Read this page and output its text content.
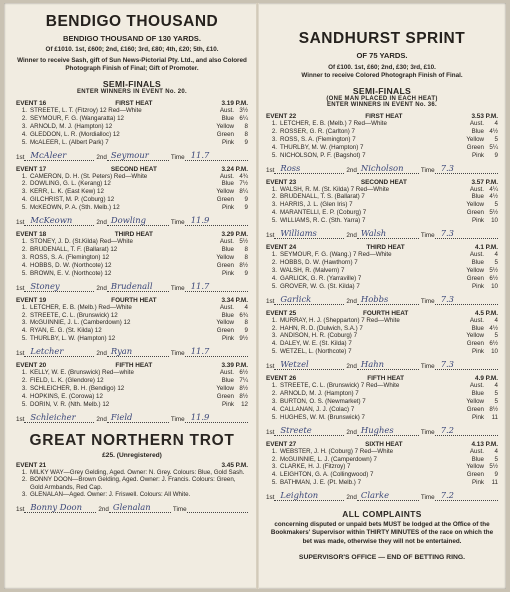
BENDIGO THOUSAND
BENDIGO THOUSAND OF 130 YARDS.
Of £1010. 1st, £600; 2nd, £160; 3rd, £80; 4th, £20; 5th, £10.
Winner to receive Sash, gift of Sun News-Pictorial Pty. Ltd., and also Colored Photograph Finish of Final; Gift of Promoter.
SEMI-FINALS
ENTER WINNERS IN EVENT No. 20.
EVENT 16	FIRST HEAT	3.19 P.M.
1. STREETE, L. T. (Fitzroy) 12 Red—White	Aust. 3½
2. SEYMOUR, F. G. (Wangaratta) 12	Blue 6¼
3. ARNOLD, M. J. (Hampton) 12	Yellow	8
4. GLEDDON, L. R. (Mordialloc) 12	Green	8
5. McALEER, L. (Albert Park) 7	Pink	9
1st McAleer	2nd Seymour	Time 11.7
EVENT 17	SECOND HEAT	3.24 P.M.
1. CAMERON, D. H. (St. Peters) Red—White	Aust. 4¾
2. DOWLING, G. L. (Kerang) 12	Blue 7½
3. KERR, L. K. (East Kew) 12	Yellow 8¼
4. GILCHRIST, M. P. (Coburg) 12	Green	9
5. McKEOWN, P. A. (Sth. Melb.) 12	Pink	9
1st McKeown	2nd Dowling	Time 11.9
EVENT 18	THIRD HEAT	3.29 P.M.
1. STONEY, J. D. (St.Kilda) Red—White	Aust. 5½
2. BRUDENALL, T. F. (Ballarat) 12	Blue	8
3. ROSS, S. A. (Flemington) 12	Yellow	8
4. HOBBS, D. W. (Northcote) 12	Green 8½
5. BROWN, E. V. (Northcote) 12	Pink	9
1st Stoney	2nd Brudenall	Time 11.7
EVENT 19	FOURTH HEAT	3.34 P.M.
1. LETCHER, E. B. (Melb.) Red—White	Aust.	4
2. STREETE, C. L. (Brunswick) 12	Blue 6¾
3. McGUINNIE, J. L. (Camberdown) 12	Yellow	8
4. RYAN, E. G. (St. Kilda) 12	Green	9
5. THURLBY, L. W. (Hampton) 12	Pink 9½
1st Letcher	2nd Ryan	Time 11.7
EVENT 20	FIFTH HEAT	3.39 P.M.
1. KELLY, W. E. (Brunswick) Red—white	Aust. 6½
2. FIELD, L. K. (Glendore) 12	Blue 7¼
3. SCHLEICHER, B. H. (Bendigo) 12	Yellow 8½
4. HOPKINS, E. (Corowa) 12	Green 8½
5. DORIN, V. R. (Nth. Melb.) 12	Pink	12
1st Schleicher	2nd Field	Time 11.9
GREAT NORTHERN TROT
£25. (Unregistered)
EVENT 21	3.45 P.M.
1. MILKY WAY—Grey Gelding, Aged. Owner: N. Grey. Colours: Blue, Gold Sash.
2. BONNY DOON—Brown Gelding, Aged. Owner: J. Francis. Colours: Green, Gold Armbands, Red Cap.
3. GLENALAN—Aged. Owner: J. Friswell. Colours: All White.
1st Bonny Doon	2nd Glenalan	Time
SANDHURST SPRINT
OF 75 YARDS.
Of £100. 1st, £60; 2nd, £30; 3rd, £10.
Winner to receive Colored Photograph Finish of Final.
SEMI-FINALS
(ONE MAN PLACED IN EACH HEAT)
ENTER WINNERS IN EVENT No. 36.
EVENT 22	FIRST HEAT	3.53 P.M.
1. LETCHER, E. B. (Melb.) 7 Red—White	Aust.	4
2. ROSSER, G. R. (Carlton) 7	Blue 4½
3. ROSS, S. A. (Flemington) 7	Yellow	5
4. THURLBY, M. W. (Hampton) 7	Green 5¼
5. NICHOLSON, P. F. (Bagshot) 7	Pink	9
1st Ross	2nd Nicholson	Time 7.3
EVENT 23	SECOND HEAT	3.57 P.M.
1. WALSH, R. M. (St. Kilda) 7 Red—White	Aust. 4¼
2. BRUDENALL, T. S. (Ballarat) 7	Blue 4½
3. HARRIS, J. L. (Glen Iris) 7	Yellow	5
4. MARANTELLI, E. P. (Coburg) 7	Green 5½
5. WILLIAMS, R. C. (Sth. Yarra) 7	Pink	10
1st Williams	2nd Walsh	Time 7.3
EVENT 24	THIRD HEAT	4.1 P.M.
1. SEYMOUR, F. G. (Wang.) 7 Red—White	Aust.	4
2. HOBBS, D. W. (Hawthorn) 7	Blue	5
3. WALSH, R. (Malvern) 7	Yellow 5½
4. GARLICK, G. R. (Yarraville) 7	Green 6½
5. GROVER, W. G. (St. Kilda) 7	Pink	10
1st Garlick	2nd Hobbs	Time 7.3
EVENT 25	FOURTH HEAT	4.5 P.M.
1. MURRAY, H. J. (Shepparton) 7 Red—White	Aust.	4
2. HAHN, R. D. (Dulwich, S.A.) 7	Blue 4½
3. ANDISON, H. R. (Coburg) 7	Yellow	5
4. DALEY, W. E. (St. Kilda) 7	Green 6½
5. WETZEL, L. (Northcote) 7	Pink	10
1st Wetzel	2nd Hahn	Time 7.3
EVENT 26	FIFTH HEAT	4.9 P.M.
1. STREETE, C. L. (Brunswick) 7 Red—White	Aust.	4
2. ARNOLD, M. J. (Hampton) 7	Blue	5
3. BURTON, O. S. (Newmarket) 7	Yellow	5
4. CALLANAN, J. J. (Colac) 7	Green 8½
5. HUGHES, W. M. (Brunswick) 7	Pink	11
1st Streete	2nd Hughes	Time 7.2
EVENT 27	SIXTH HEAT	4.13 P.M.
1. WEBSTER, J. H. (Coburg) 7 Red—White	Aust.	4
2. McGUINNIE, L. J. (Camperdown) 7	Blue	5
3. CLARKE, H. J. (Fitzroy) 7	Yellow 5½
4. LEIGHTON, G. A. (Collingwood) 7	Green	9
5. BATHMAN, J. E. (Pt. Melb.) 7	Pink	11
1st Leighton	2nd Clarke	Time 7.2
ALL COMPLAINTS
concerning disputed or unpaid bets MUST be lodged at the Office of the Bookmakers' Supervisor within THIRTY MINUTES of the race on which the bet was made, otherwise they will not be entertained.
SUPERVISOR'S OFFICE — END OF BETTING RING.
